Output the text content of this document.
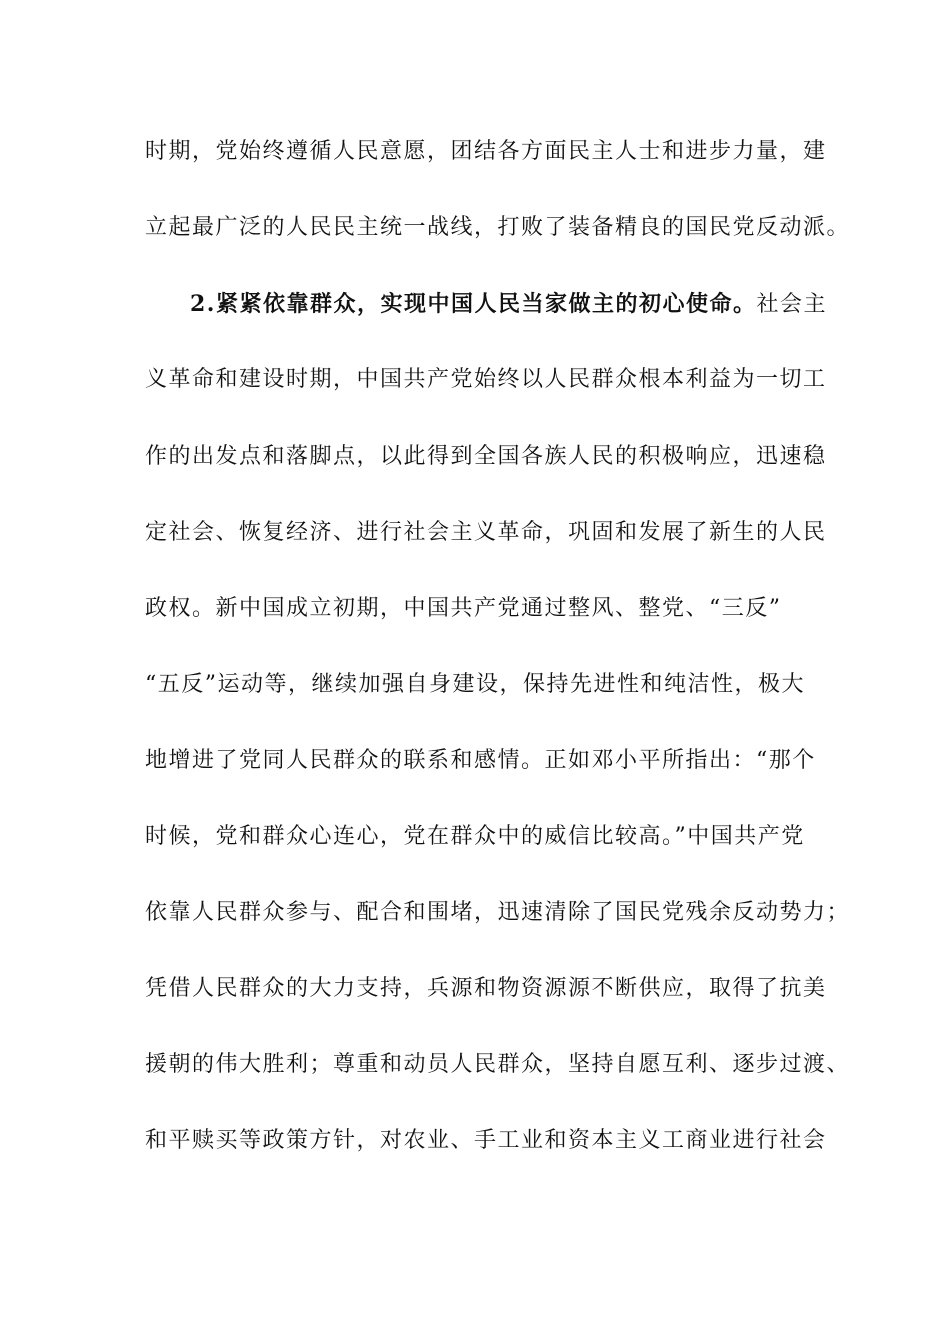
时期，党始终遵循人民意愿，团结各方面民主人士和进步力量，建
立起最广泛的人民民主统一战线，打败了装备精良的国民党反动派。
2.紧紧依靠群众，实现中国人民当家做主的初心使命。社会主
义革命和建设时期，中国共产党始终以人民群众根本利益为一切工
作的出发点和落脚点，以此得到全国各族人民的积极响应，迅速稳
定社会、恢复经济、进行社会主义革命，巩固和发展了新生的人民
政权。新中国成立初期，中国共产党通过整风、整党、“三反”
“五反”运动等，继续加强自身建设，保持先进性和纯洁性，极大
地增进了党同人民群众的联系和感情。正如邓小平所指出：“那个
时候，党和群众心连心，党在群众中的威信比较高。”中国共产党
依靠人民群众参与、配合和围堵，迅速清除了国民党残余反动势力；
凭借人民群众的大力支持，兵源和物资源源不断供应，取得了抗美
援朝的伟大胜利；尊重和动员人民群众，坚持自愿互利、逐步过渡、
和平赎买等政策方针，对农业、手工业和资本主义工商业进行社会
